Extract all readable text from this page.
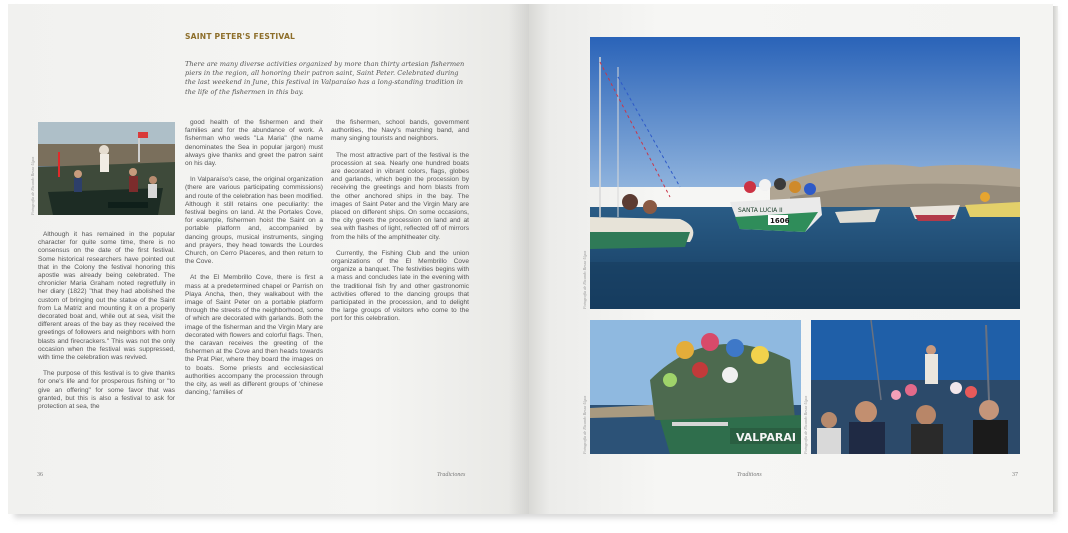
SAINT PETER'S FESTIVAL
There are many diverse activities organized by more than thirty artesian fishermen piers in the region, all honoring their patron saint, Saint Peter. Celebrated during the last weekend in June, this festival in Valparaíso has a long-standing tradition in the life of the fishermen in this bay.
Fotografía de Ricardo Bessa Ugaz

Although it has remained in the popular character for quite some time, there is no consensus on the date of the first festival. Some historical researchers have pointed out that in the Colony the festival honoring this apostle was already being celebrated. The chronicler Maria Graham noted regretfully in her diary (1822) "that they had abolished the custom of bringing out the statue of the Saint from La Matriz and mounting it on a properly decorated boat and, while out at sea, visit the different areas of the bay as they received the greetings of followers and neighbors with horn blasts and firecrackers." This was not the only occasion when the festival was suppressed, with time the celebration was revived.

The purpose of this festival is to give thanks for one's life and for prosperous fishing or "to give an offering" for some favor that was granted, but this is also a festival to ask for protection at sea, the

good health of the fishermen and their families and for the abundance of work. A fisherman who weds "La Maria" (the name denominates the Sea in popular jargon) must always give thanks and greet the patron saint on his day.

In Valparaíso's case, the original organization (there are various participating commissions) and route of the celebration has been modified. Although it still retains one peculiarity: the festival begins on land. At the Portales Cove, for example, fishermen hoist the Saint on a portable platform and, accompanied by dancing groups, musical instruments, singing and prayers, they head towards the Lourdes Church, on Cerro Placeres, and then return to the Cove.

At the El Membrillo Cove, there is first a mass at a predetermined chapel or Parrish on Playa Ancha, then, they walkabout with the image of Saint Peter on a portable platform through the streets of the neighborhood, some of which are decorated with garlands. Both the image of the fisherman and the Virgin Mary are decorated with flowers and colorful flags. Then, the caravan receives the greeting of the fishermen at the Cove and then heads towards the Prat Pier, where they board the images on to boats. Some priests and ecclesiastical authorities accompany the procession through the city, as well as different groups of 'chinese dancing,' families of

the fishermen, school bands, government authorities, the Navy's marching band, and many singing tourists and neighbors.

The most attractive part of the festival is the procession at sea. Nearly one hundred boats are decorated in vibrant colors, flags, globes and garlands, which begin the procession by receiving the greetings and horn blasts from the other anchored ships in the bay. The images of Saint Peter and the Virgin Mary are placed on different ships. On some occasions, the city greets the procession on land and at sea with flashes of light, reflected off of mirrors from the hills of the amphitheater city.

Currently, the Fishing Club and the union organizations of the El Membrillo Cove organize a banquet. The festivities begins with a mass and concludes late in the evening with the traditional fish fry and other gastronomic activities offered to the dancing groups that participated in the procession, and to delight the large groups of visitors who come to the port for this celebration.

36	Tradiciones
SANTA LUCIA II
1606
VALPARAI
Fotografía de Ricardo Bessa Ugaz
Fotografía de Ricardo Bessa Ugaz	Fotografía de Ricardo Bessa Ugaz
Traditions	37
